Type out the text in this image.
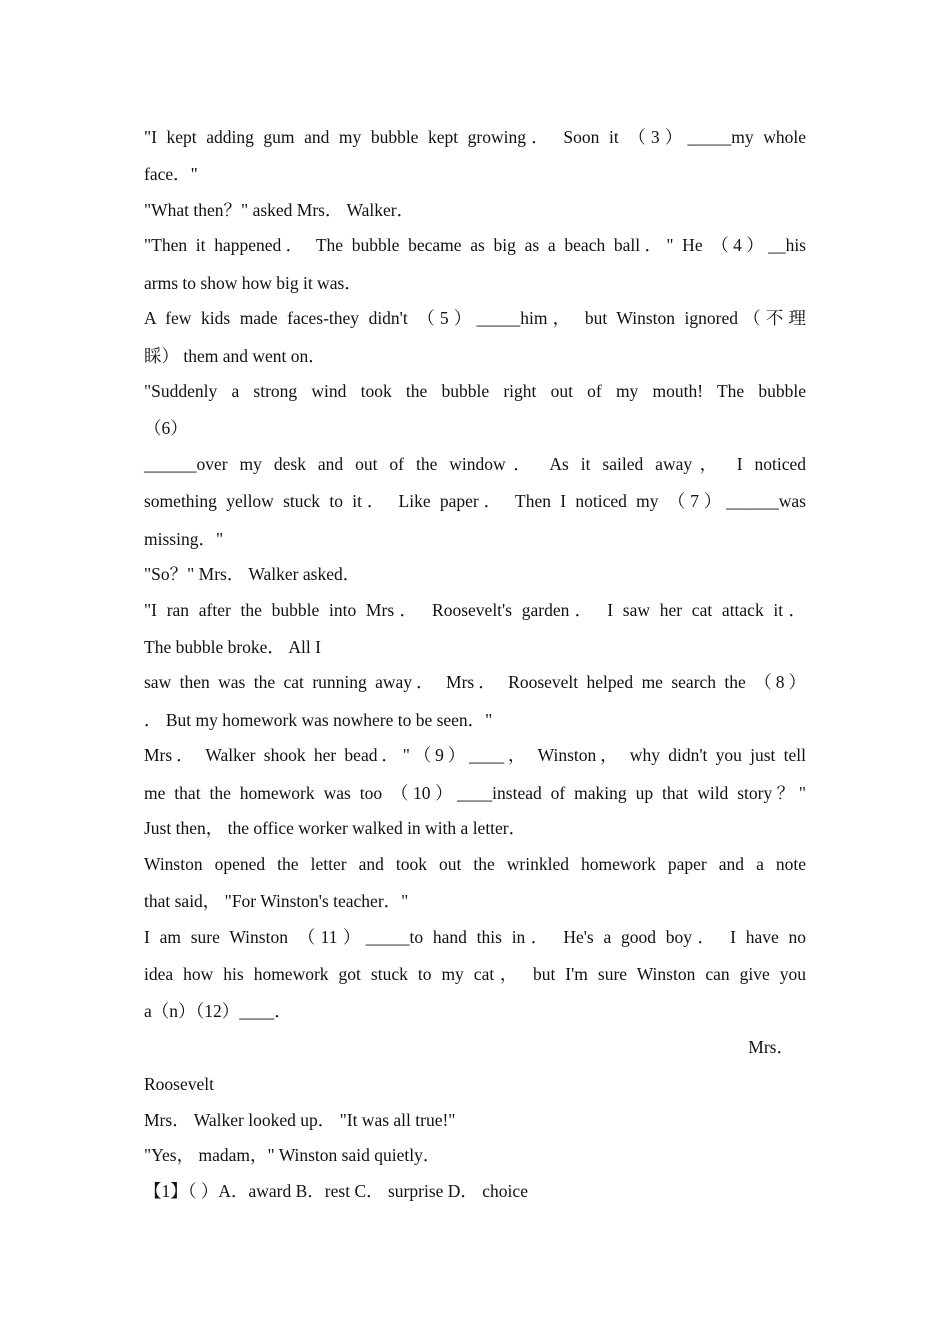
"I kept adding gum and my bubble kept growing． Soon it （3）_____my whole
face．"
"What then？" asked Mrs． Walker．
"Then it happened． The bubble became as big as a beach ball．" He （4）__his
arms to show how big it was．
A few kids made faces-they didn't （5）_____him， but Winston ignored（不理
睬） them and went on．
"Suddenly a strong wind took the bubble right out of my mouth! The bubble
（6）
______over my desk and out of the window． As it sailed away， I noticed
something yellow stuck to it． Like paper． Then I noticed my （7）______was
missing．"
"So？" Mrs． Walker asked．
"I ran after the bubble into Mrs． Roosevelt's garden． I saw her cat attack it．
The bubble broke． All I
saw then was the cat running away． Mrs． Roosevelt helped me search the （8）
． But my homework was nowhere to be seen．"
Mrs． Walker shook her bead．"（9）____， Winston， why didn't you just tell
me that the homework was too （10）____instead of making up that wild story？"
Just then， the office worker walked in with a letter．
Winston opened the letter and took out the wrinkled homework paper and a note
that said， "For Winston's teacher．"
I am sure Winston （11）_____to hand this in． He's a good boy． I have no
idea how his homework got stuck to my cat， but I'm sure Winston can give you
a（n）（12）____．
Mrs．
Roosevelt
Mrs． Walker looked up． "It was all true!"
"Yes， madam，" Winston said quietly．
【1】（ ）A．award B．rest C． surprise D． choice
